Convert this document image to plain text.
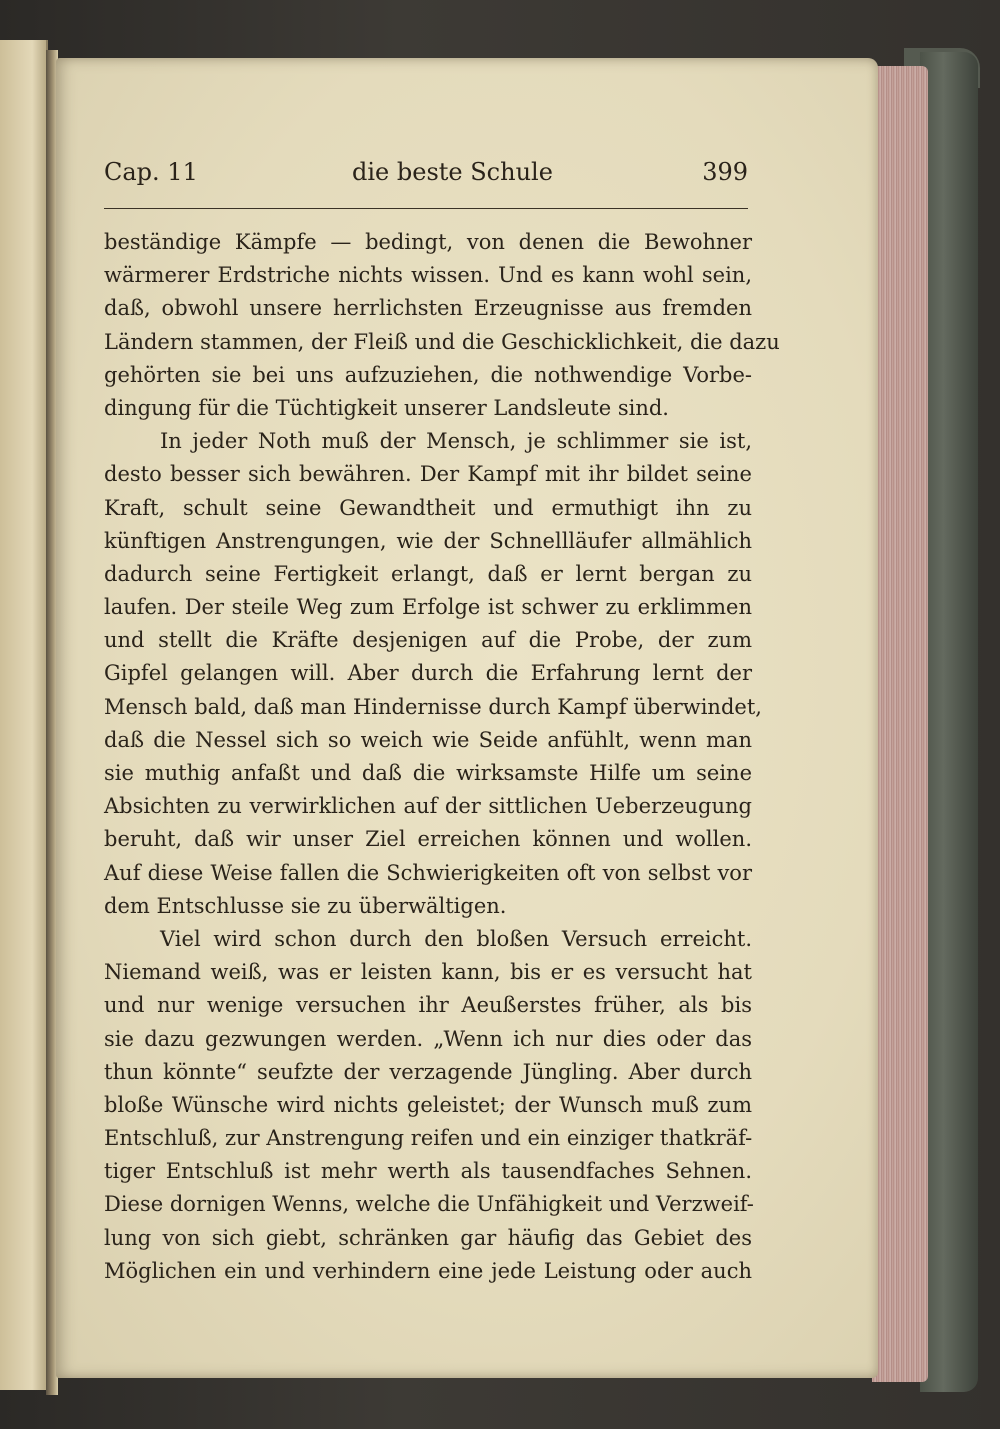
Cap. 11	die beste Schule	399
beständige Kämpfe — bedingt, von denen die Bewohner
wärmerer Erdstriche nichts wissen. Und es kann wohl sein,
daß, obwohl unsere herrlichsten Erzeugnisse aus fremden
Ländern stammen, der Fleiß und die Geschicklichkeit, die dazu
gehörten sie bei uns aufzuziehen, die nothwendige Vorbe-
dingung für die Tüchtigkeit unserer Landsleute sind.
In jeder Noth muß der Mensch, je schlimmer sie ist,
desto besser sich bewähren. Der Kampf mit ihr bildet seine
Kraft, schult seine Gewandtheit und ermuthigt ihn zu
künftigen Anstrengungen, wie der Schnellläufer allmählich
dadurch seine Fertigkeit erlangt, daß er lernt bergan zu
laufen. Der steile Weg zum Erfolge ist schwer zu erklimmen
und stellt die Kräfte desjenigen auf die Probe, der zum
Gipfel gelangen will. Aber durch die Erfahrung lernt der
Mensch bald, daß man Hindernisse durch Kampf überwindet,
daß die Nessel sich so weich wie Seide anfühlt, wenn man
sie muthig anfaßt und daß die wirksamste Hilfe um seine
Absichten zu verwirklichen auf der sittlichen Ueberzeugung
beruht, daß wir unser Ziel erreichen können und wollen.
Auf diese Weise fallen die Schwierigkeiten oft von selbst vor
dem Entschlusse sie zu überwältigen.
Viel wird schon durch den bloßen Versuch erreicht.
Niemand weiß, was er leisten kann, bis er es versucht hat
und nur wenige versuchen ihr Aeußerstes früher, als bis
sie dazu gezwungen werden. „Wenn ich nur dies oder das
thun könnte“ seufzte der verzagende Jüngling. Aber durch
bloße Wünsche wird nichts geleistet; der Wunsch muß zum
Entschluß, zur Anstrengung reifen und ein einziger thatkräf-
tiger Entschluß ist mehr werth als tausendfaches Sehnen.
Diese dornigen Wenns, welche die Unfähigkeit und Verzweif-
lung von sich giebt, schränken gar häufig das Gebiet des
Möglichen ein und verhindern eine jede Leistung oder auch
